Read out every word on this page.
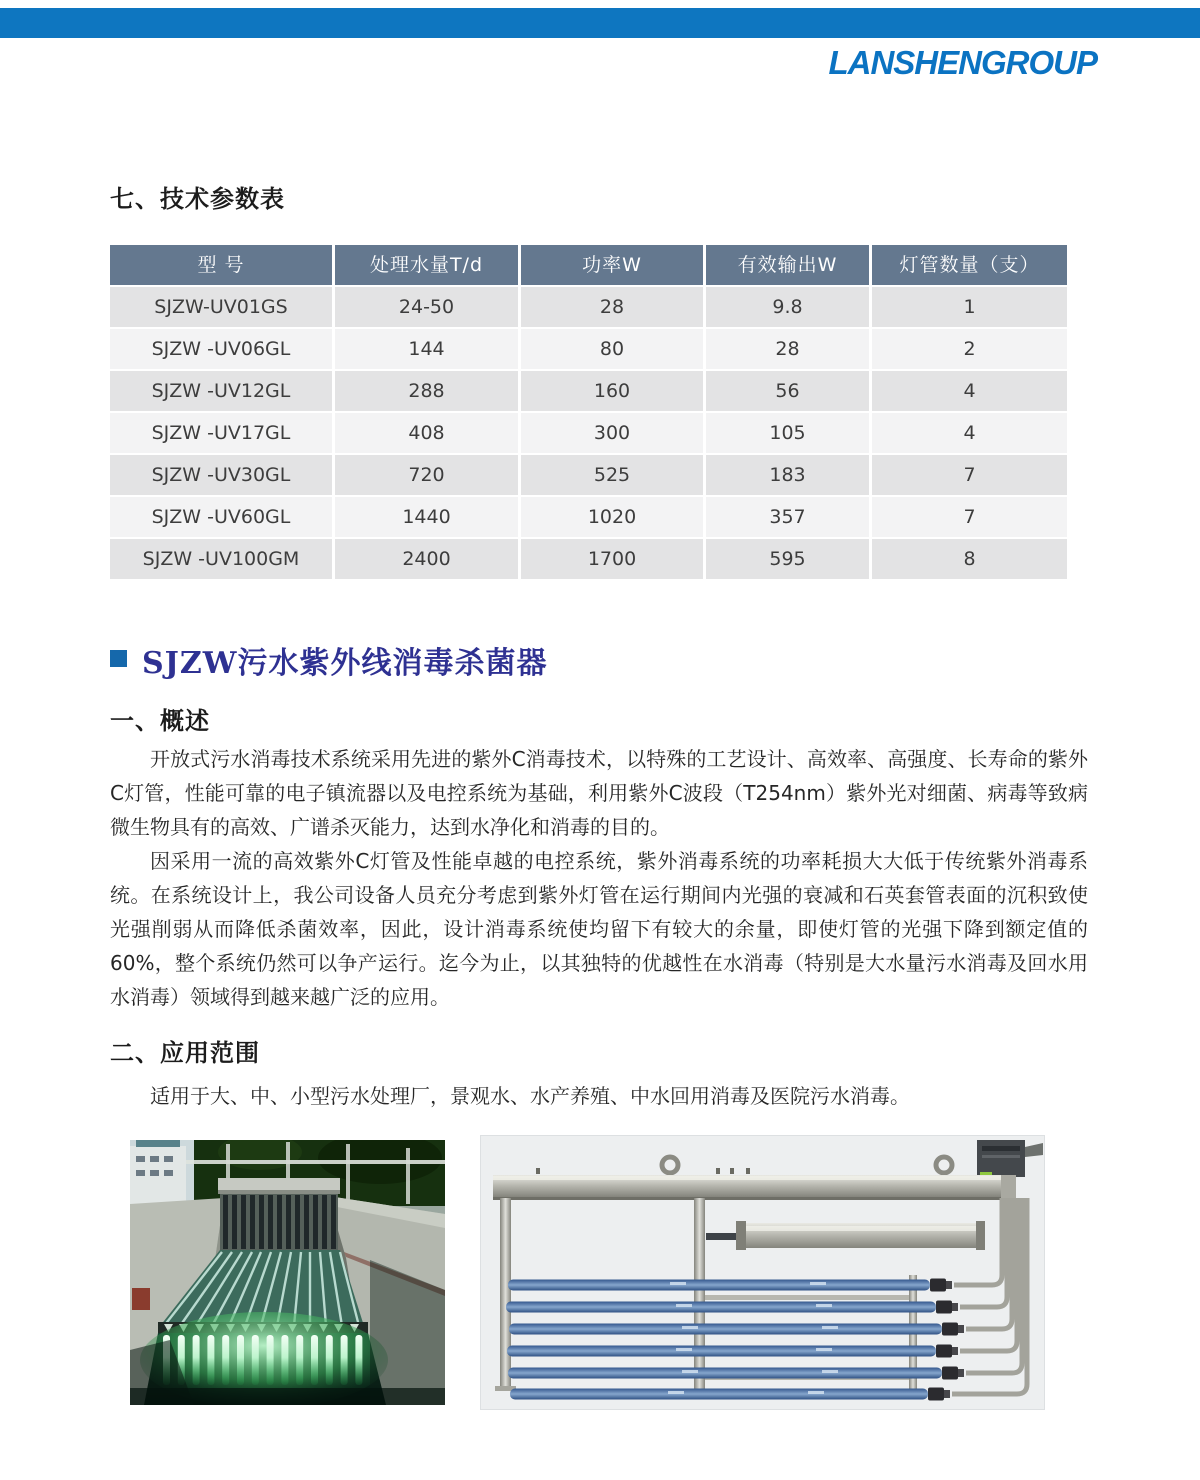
LANSHENGROUP
七、技术参数表
型 号	处理水量T/d	功率W	有效输出W	灯管数量（支）
SJZW-UV01GS	24-50	28	9.8	1
SJZW -UV06GL	144	80	28	2
SJZW -UV12GL	288	160	56	4
SJZW -UV17GL	408	300	105	4
SJZW -UV30GL	720	525	183	7
SJZW -UV60GL	1440	1020	357	7
SJZW -UV100GM	2400	1700	595	8
SJZW污水紫外线消毒杀菌器
一、概述

开放式污水消毒技术系统采用先进的紫外C消毒技术，以特殊的工艺设计、高效率、高强度、长寿命的紫外C灯管，性能可靠的电子镇流器以及电控系统为基础，利用紫外C波段（T254nm）紫外光对细菌、病毒等致病微生物具有的高效、广谱杀灭能力，达到水净化和消毒的目的。

因采用一流的高效紫外C灯管及性能卓越的电控系统，紫外消毒系统的功率耗损大大低于传统紫外消毒系统。在系统设计上，我公司设备人员充分考虑到紫外灯管在运行期间内光强的衰减和石英套管表面的沉积致使光强削弱从而降低杀菌效率，因此，设计消毒系统使均留下有较大的余量，即使灯管的光强下降到额定值的60%，整个系统仍然可以争产运行。迄今为止，以其独特的优越性在水消毒（特别是大水量污水消毒及回水用水消毒）领域得到越来越广泛的应用。

二、应用范围

适用于大、中、小型污水处理厂，景观水、水产养殖、中水回用消毒及医院污水消毒。
